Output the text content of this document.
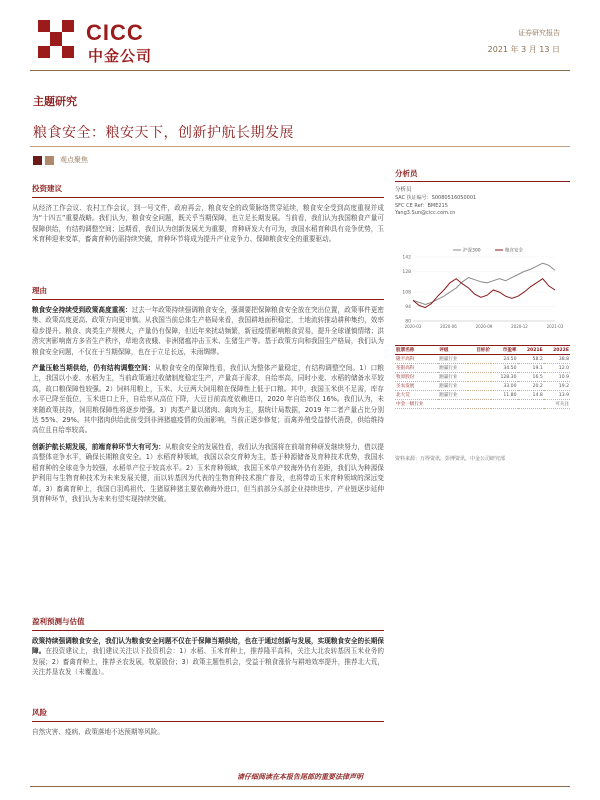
CICC
中金公司
证券研究报告
2021 年 3 月 13 日
主题研究
粮食安全：粮安天下，创新护航长期发展
观点聚焦
投资建议

从经济工作会议、农村工作会议，到一号文件，政府再会，粮食安全的政策脉络贯穿延续，粮食安全受到高度重视并成为“十四五”重要战略。我们认为，粮食安全问题，既关乎当期保障，也立足长期发展。当前看，我们认为我国粮食产量可保障供给，有结构调整空间；远期看，我们认为创新发展尤为重要，育种研发大有可为，我国水稻育种具有竞争优势，玉米育种迎来变革，畜禽育种仍需持续突破，育种环节将成为提升产业竞争力、保障粮食安全的重要驱动。

理由

粮食安全持续受到政策高度重视：过去一年政策持续强调粮食安全，强调要把保障粮食安全放在突出位置，政策事件更密集、政策高度更高、政策方向更审慎。从我国当前总体生产格局来看，我国耕地面积稳定，土地流转推动耕种集约，效率稳步提升。粮食、肉类生产规模大，产量仍有保障，但近年来扰动频繁，新冠疫情影响粮食贸易，提升全球谨慎情绪；洪涝灾害影响南方多省生产秩序，草地贪夜蛾、非洲猪瘟冲击玉米、生猪生产等。基于政策方向和我国生产格局，我们认为粮食安全问题，不仅在于当期保障，也在于立足长远，未雨绸缪。

产量压舱当期供给，仍有结构调整空间：从粮食安全的保障性看，我们认为整体产量稳定，有结构调整空间。1）口粮上，我国以小麦、水稻为主，当前政策通过收储制度稳定生产，产量高于需求，自给率高，同时小麦、水稻的储备水平较高，故口粮保障性较强。2）饲料用粮上，玉米、大豆两大饲用粮在保障性上低于口粮。其中，我国玉米供不足需，库存水平已降至低位，玉米进口上升，自给率从高位下降，大豆目前高度依赖进口，2020 年自给率仅 16%。我们认为，未来随政策扶持，饲用粮保障性将逐步增强。3）肉类产量以猪肉、禽肉为主，据统计局数据，2019 年二者产量占比分别达 55%、29%。其中猪肉供给此前受到非洲猪瘟疫情的负面影响，当前正逐步修复；而禽养殖受益替代消费，供给维持高位且自给率较高。

创新护航长期发展，前端育种环节大有可为：从粮食安全的发展性看，我们认为我国将在前端育种研发继续努力，借以提高整体竞争水平，确保长期粮食安全。1）水稻育种领域，我国以杂交育种为主，基于种源储备及育种技术优势，我国水稻育种的全球竞争力较强，水稻单产位于较高水平。2）玉米育种领域，我国玉米单产较海外仍有差距，我们认为种源保护利用与生物育种技术为未来发展关键，而以转基因为代表的生物育种技术推广普及，也将带动玉米育种领域的深远变革。3）畜禽育种上，我国白羽鸡祖代、生猪原种猪主要依赖海外进口，但当前部分头部企业持续进步，产业链逐步延伸到育种环节，我们认为未来有望实现持续突破。

盈利预测与估值

政策持续强调粮食安全，我们认为粮食安全问题不仅在于保障当期供给，也在于通过创新与发展，实现粮食安全的长期保障。在投资建议上，我们建议关注以下投资机会：1）水稻、玉米育种上，推荐隆平高科，关注大北农转基因玉米业务的发展；2）畜禽育种上，推荐圣农发展，牧原股份；3）政策主题性机会，受益于粮食涨价与耕地效率提升，推荐北大荒，关注苏垦农发（未覆盖）。

风险

自然灾害、疫病、政策落地不达预期等风险。

分析员
分析员
SAC 执证编号：S0080516050001
SFC CE Ref：BME215
Yang3.Sun@cicc.com.cn
80
94
108
128
142
2020-03	2020-06	2020-09	2020-12	2021-03
沪深300	粮食安全
股票名称	评级	目标价	市盈率	2021E	2022E
隆平高科	跑赢行业		24.50	58.2	38.8
荃银高科	跑赢行业		34.50	19.1	12.0
牧原股份	跑赢行业		128.30	16.5	10.9
圣农发展	跑赢行业		33.00	20.2	19.2
北大荒	跑赢行业		11.80	14.8	13.9
中金一级行业					可关注
资料来源：万得资讯，彭博资讯，中金公司研究部
请仔细阅读在本报告尾部的重要法律声明
